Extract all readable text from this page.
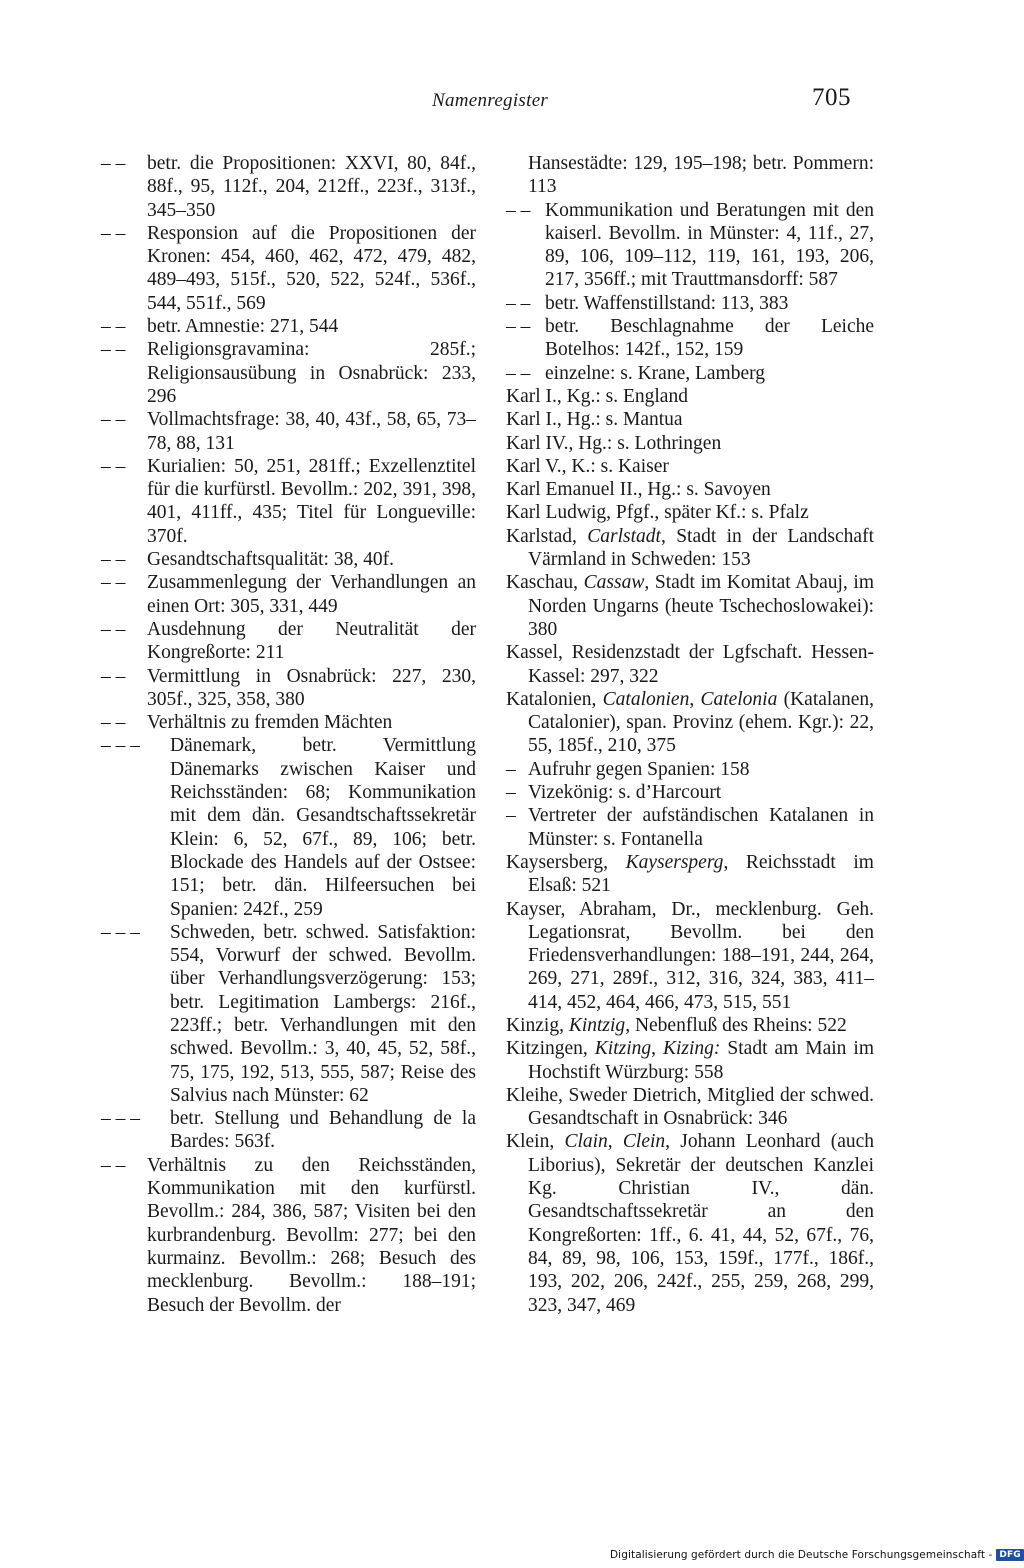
Namenregister	705
– – betr. die Propositionen: XXVI, 80, 84f., 88f., 95, 112f., 204, 212ff., 223f., 313f., 345–350
– – Responsion auf die Propositionen der Kronen: 454, 460, 462, 472, 479, 482, 489–493, 515f., 520, 522, 524f., 536f., 544, 551f., 569
– – betr. Amnestie: 271, 544
– – Religionsgravamina: 285f.; Religionsausübung in Osnabrück: 233, 296
– – Vollmachtsfrage: 38, 40, 43f., 58, 65, 73–78, 88, 131
– – Kurialien: 50, 251, 281ff.; Exzellenztitel für die kurfürstl. Bevollm.: 202, 391, 398, 401, 411ff., 435; Titel für Longueville: 370f.
– – Gesandtschaftsqualität: 38, 40f.
– – Zusammenlegung der Verhandlungen an einen Ort: 305, 331, 449
– – Ausdehnung der Neutralität der Kongreßorte: 211
– – Vermittlung in Osnabrück: 227, 230, 305f., 325, 358, 380
– – Verhältnis zu fremden Mächten
– – – Dänemark, betr. Vermittlung Dänemarks zwischen Kaiser und Reichsständen: 68; Kommunikation mit dem dän. Gesandtschaftssekretär Klein: 6, 52, 67f., 89, 106; betr. Blockade des Handels auf der Ostsee: 151; betr. dän. Hilfeersuchen bei Spanien: 242f., 259
– – – Schweden, betr. schwed. Satisfaktion: 554, Vorwurf der schwed. Bevollm. über Verhandlungsverzögerung: 153; betr. Legitimation Lambergs: 216f., 223ff.; betr. Verhandlungen mit den schwed. Bevollm.: 3, 40, 45, 52, 58f., 75, 175, 192, 513, 555, 587; Reise des Salvius nach Münster: 62
– – – betr. Stellung und Behandlung de la Bardes: 563f.
– – Verhältnis zu den Reichsständen, Kommunikation mit den kurfürstl. Bevollm.: 284, 386, 587; Visiten bei den kurbrandenburg. Bevollm: 277; bei den kurmainz. Bevollm.: 268; Besuch des mecklenburg. Bevollm.: 188–191; Besuch der Bevollm. der
Hansestädte: 129, 195–198; betr. Pommern: 113
– – Kommunikation und Beratungen mit den kaiserl. Bevollm. in Münster: 4, 11f., 27, 89, 106, 109–112, 119, 161, 193, 206, 217, 356ff.; mit Trauttmansdorff: 587
– – betr. Waffenstillstand: 113, 383
– – betr. Beschlagnahme der Leiche Botelhos: 142f., 152, 159
– – einzelne: s. Krane, Lamberg
Karl I., Kg.: s. England
Karl I., Hg.: s. Mantua
Karl IV., Hg.: s. Lothringen
Karl V., K.: s. Kaiser
Karl Emanuel II., Hg.: s. Savoyen
Karl Ludwig, Pfgf., später Kf.: s. Pfalz
Karlstad, Carlstadt, Stadt in der Landschaft Värmland in Schweden: 153
Kaschau, Cassaw, Stadt im Komitat Abauj, im Norden Ungarns (heute Tschechoslowakei): 380
Kassel, Residenzstadt der Lgfschaft. Hessen-Kassel: 297, 322
Katalonien, Catalonien, Catelonia (Katalanen, Catalonier), span. Provinz (ehem. Kgr.): 22, 55, 185f., 210, 375
– Aufruhr gegen Spanien: 158
– Vizekönig: s. d’Harcourt
– Vertreter der aufständischen Katalanen in Münster: s. Fontanella
Kaysersberg, Kaysersperg, Reichsstadt im Elsaß: 521
Kayser, Abraham, Dr., mecklenburg. Geh. Legationsrat, Bevollm. bei den Friedensverhandlungen: 188–191, 244, 264, 269, 271, 289f., 312, 316, 324, 383, 411–414, 452, 464, 466, 473, 515, 551
Kinzig, Kintzig, Nebenfluß des Rheins: 522
Kitzingen, Kitzing, Kizing: Stadt am Main im Hochstift Würzburg: 558
Kleihe, Sweder Dietrich, Mitglied der schwed. Gesandtschaft in Osnabrück: 346
Klein, Clain, Clein, Johann Leonhard (auch Liborius), Sekretär der deutschen Kanzlei Kg. Christian IV., dän. Gesandtschaftssekretär an den Kongreßorten: 1ff., 6. 41, 44, 52, 67f., 76, 84, 89, 98, 106, 153, 159f., 177f., 186f., 193, 202, 206, 242f., 255, 259, 268, 299, 323, 347, 469
Digitalisierung gefördert durch die Deutsche Forschungsgemeinschaft - DFG
